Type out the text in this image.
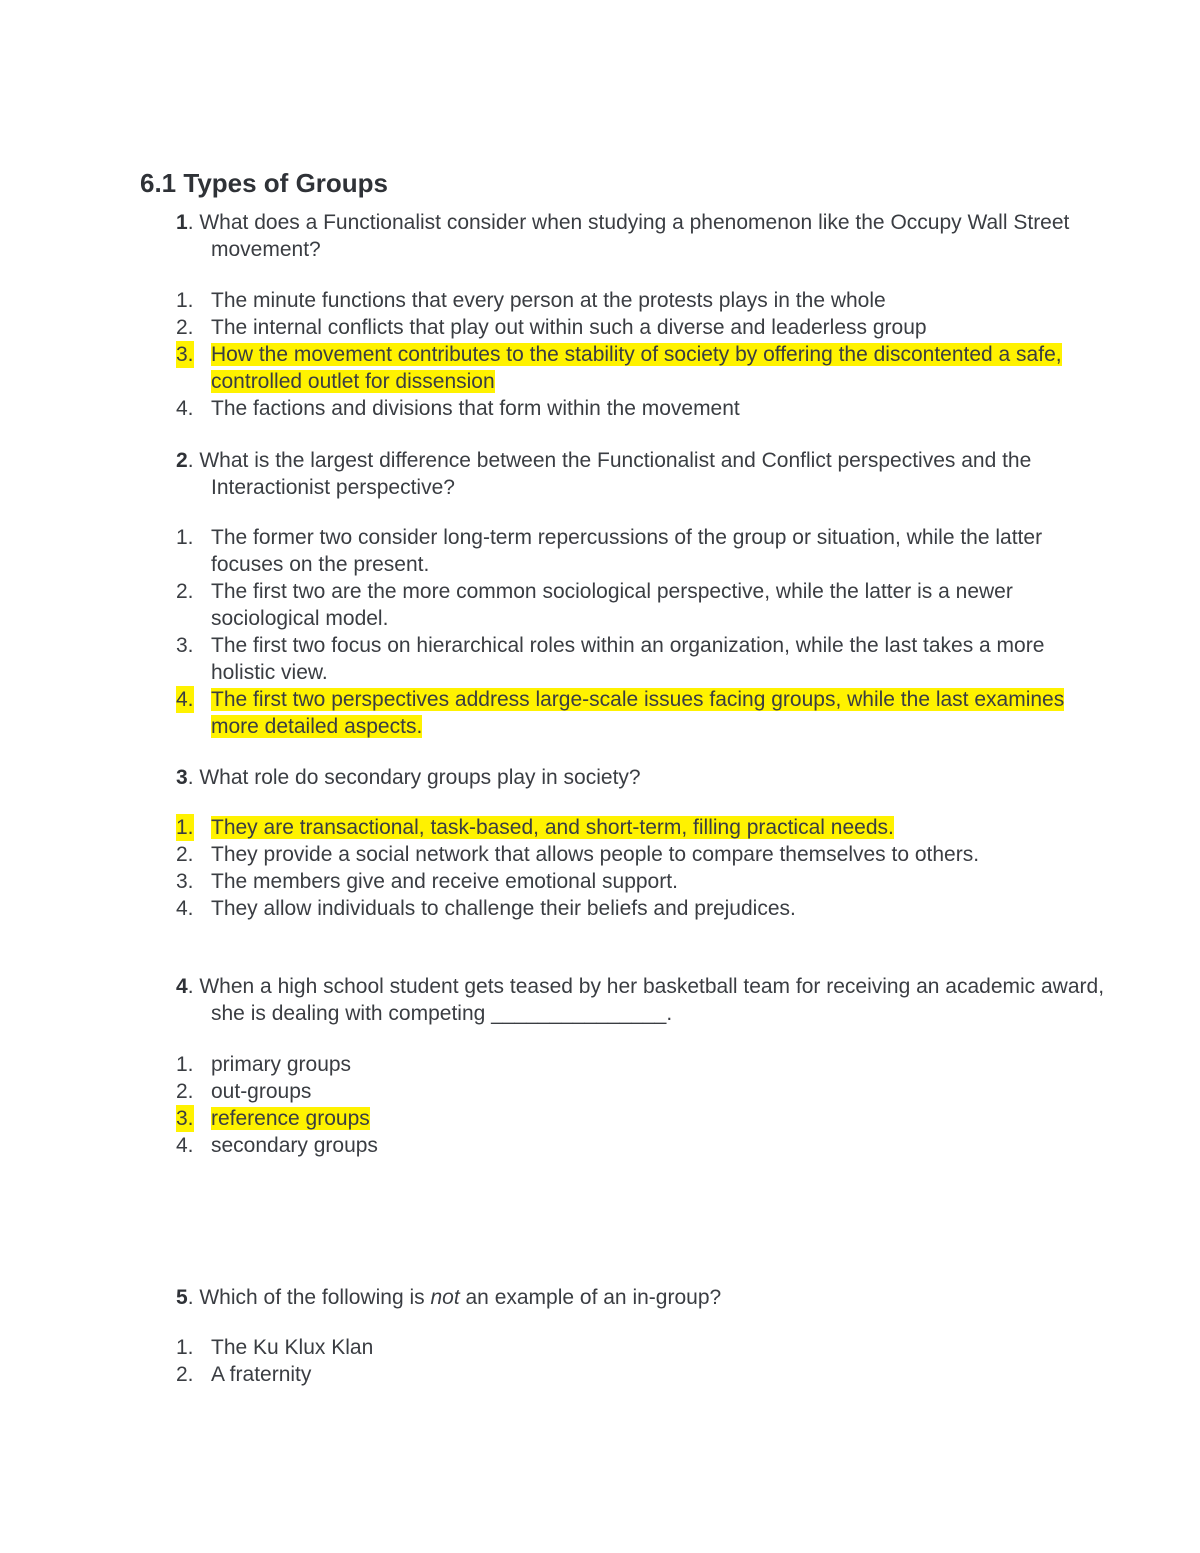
6.1 Types of Groups
1. What does a Functionalist consider when studying a phenomenon like the Occupy Wall Street movement?
1. The minute functions that every person at the protests plays in the whole
2. The internal conflicts that play out within such a diverse and leaderless group
3. How the movement contributes to the stability of society by offering the discontented a safe, controlled outlet for dissension
4. The factions and divisions that form within the movement
2. What is the largest difference between the Functionalist and Conflict perspectives and the Interactionist perspective?
1. The former two consider long-term repercussions of the group or situation, while the latter focuses on the present.
2. The first two are the more common sociological perspective, while the latter is a newer sociological model.
3. The first two focus on hierarchical roles within an organization, while the last takes a more holistic view.
4. The first two perspectives address large-scale issues facing groups, while the last examines more detailed aspects.
3. What role do secondary groups play in society?
1. They are transactional, task-based, and short-term, filling practical needs.
2. They provide a social network that allows people to compare themselves to others.
3. The members give and receive emotional support.
4. They allow individuals to challenge their beliefs and prejudices.
4. When a high school student gets teased by her basketball team for receiving an academic award, she is dealing with competing _______________.
1. primary groups
2. out-groups
3. reference groups
4. secondary groups
5. Which of the following is not an example of an in-group?
1. The Ku Klux Klan
2. A fraternity
